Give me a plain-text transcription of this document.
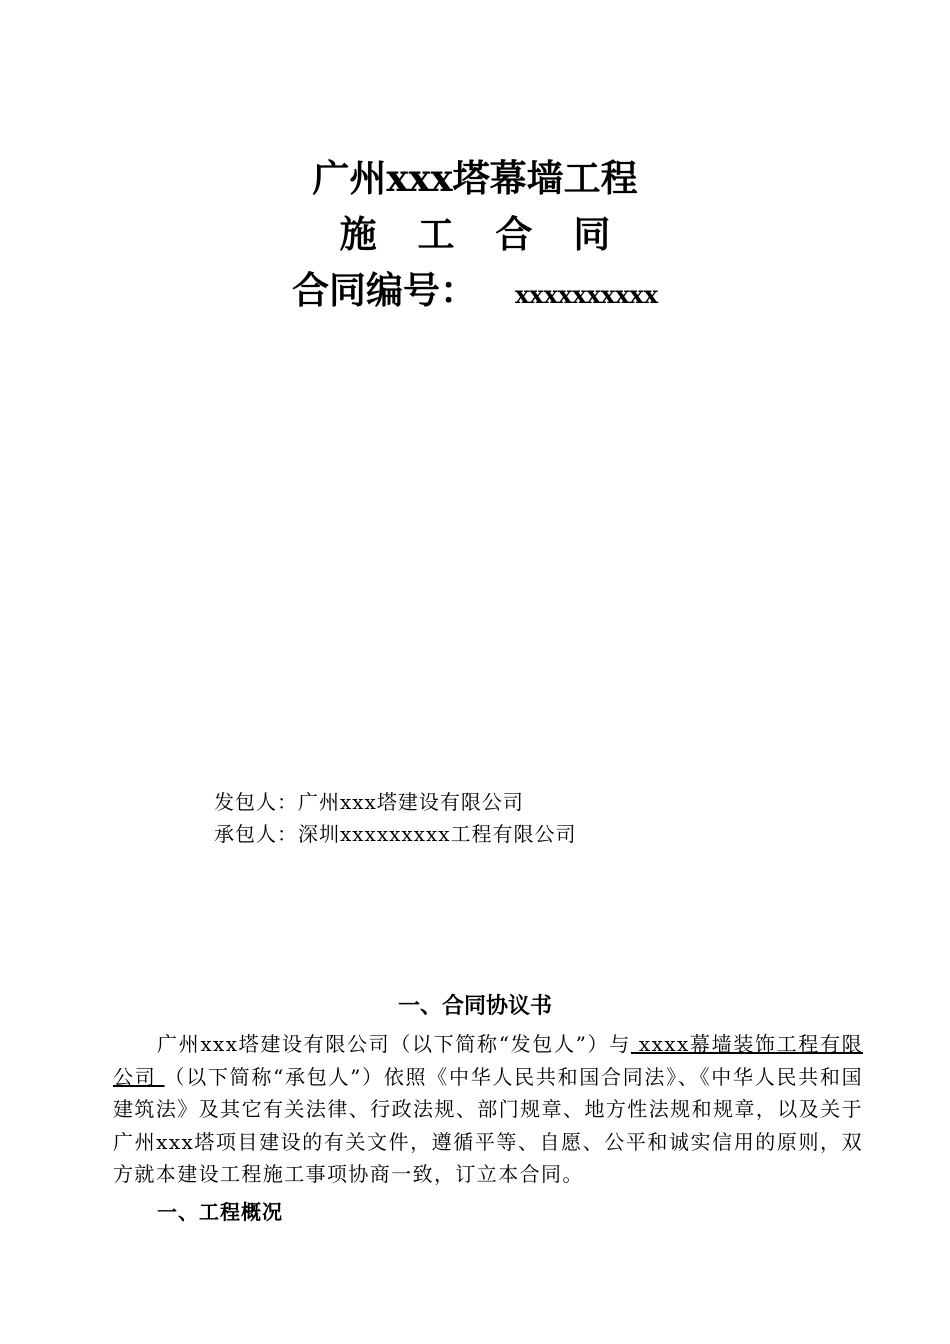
广州xxx塔幕墙工程
施 工 合 同
合同编号： xxxxxxxxxx
发包人：广州xxx塔建设有限公司
承包人：深圳xxxxxxxxx工程有限公司
一、合同协议书
广州xxx塔建设有限公司（以下简称“发包人”）与 xxxx幕墙装饰工程有限公司 （以下简称“承包人”）依照《中华人民共和国合同法》、《中华人民共和国建筑法》及其它有关法律、行政法规、部门规章、地方性法规和规章，以及关于广州xxx塔项目建设的有关文件，遵循平等、自愿、公平和诚实信用的原则，双方就本建设工程施工事项协商一致，订立本合同。
一、工程概况
